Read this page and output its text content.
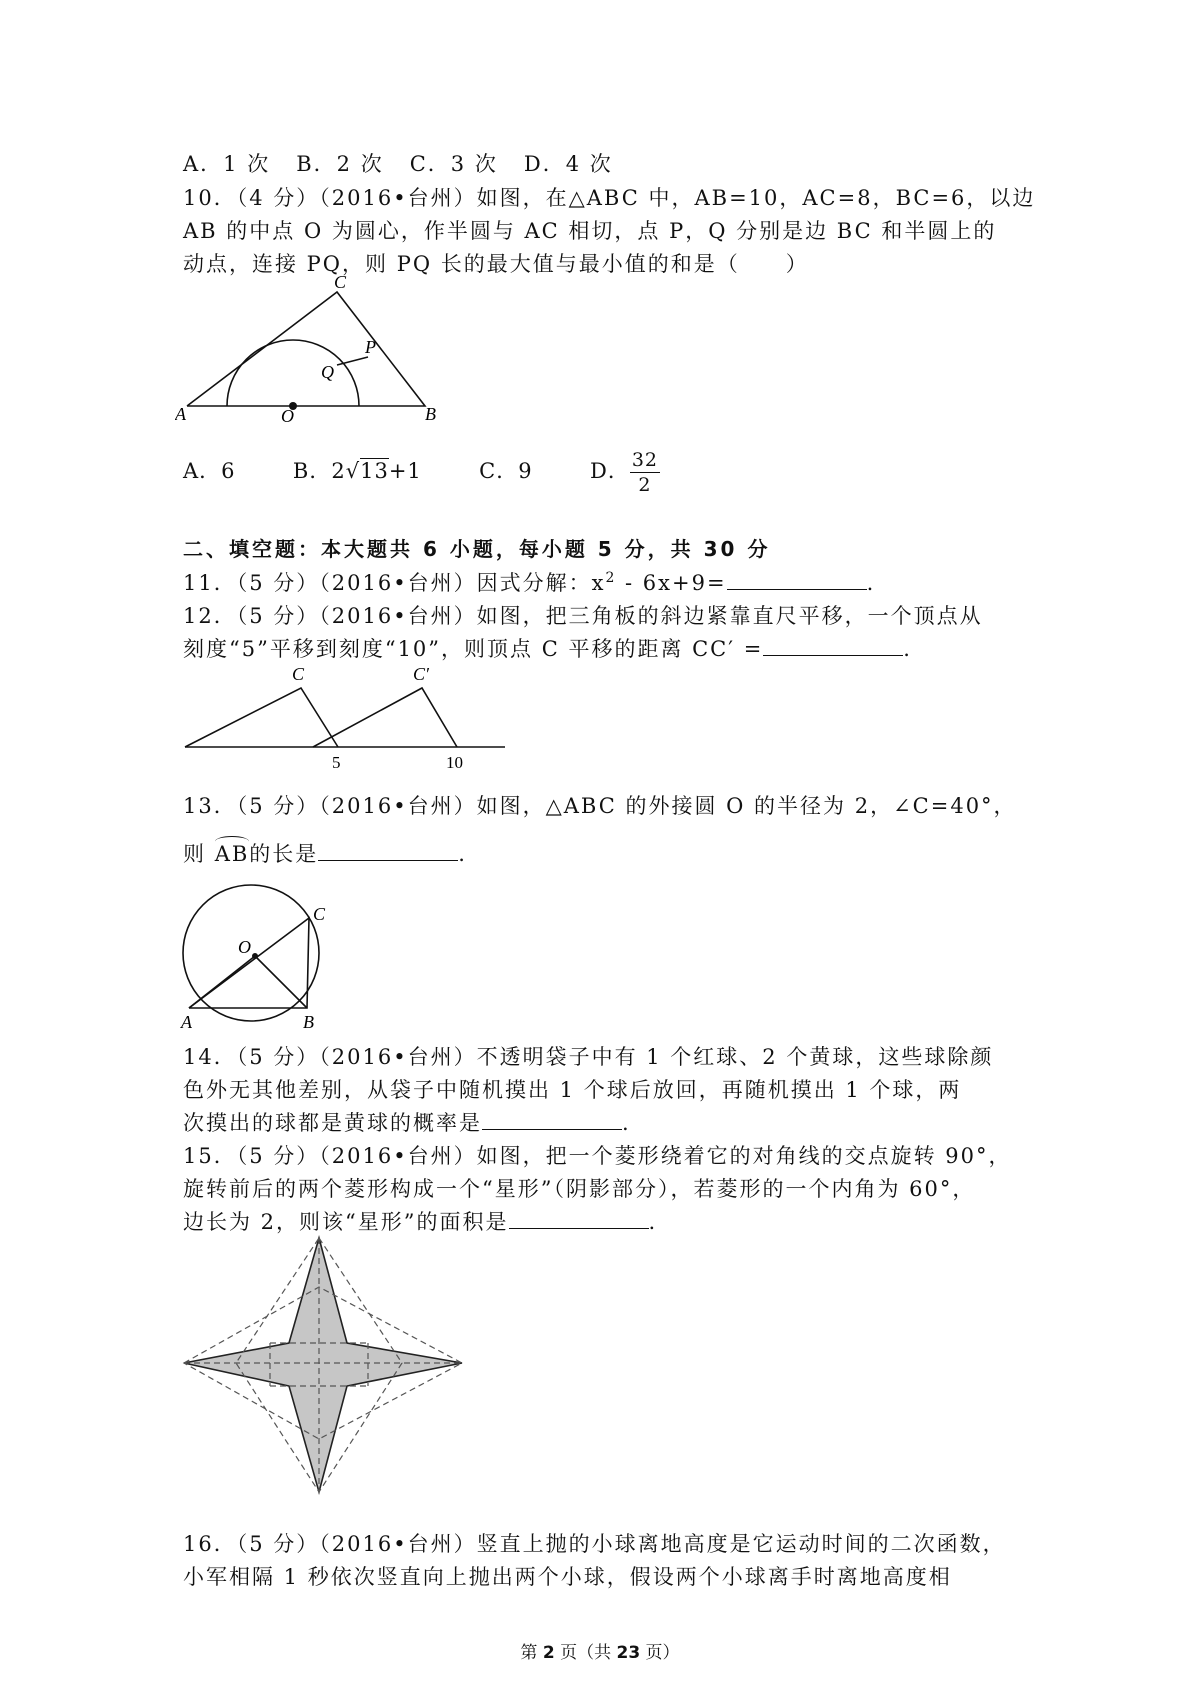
A．1 次 B．2 次 C．3 次 D．4 次
10．（4 分）（2016•台州）如图，在△ABC 中，AB=10，AC=8，BC=6，以边
AB 的中点 O 为圆心，作半圆与 AC 相切，点 P，Q 分别是边 BC 和半圆上的
动点，连接 PQ，则 PQ 长的最大值与最小值的和是（　　）
C
P
Q
A	O	B
A．6	B．2√13+1	C．9	D． $\frac{32}{2}$
二、填空题：本大题共 6 小题，每小题 5 分，共 30 分
11．（5 分）（2016•台州）因式分解：$x^2 - 6x+9=$	.
12．（5 分）（2016•台州）如图，把三角板的斜边紧靠直尺平移，一个顶点从
刻度“5”平移到刻度“10”，则顶点 C 平移的距离 CC′ =	.
C	C′
5	10
13．（5 分）（2016•台州）如图，△ABC 的外接圆 O 的半径为 2，∠C=40°，
则 AB的长是	.
C
O
A	B
14．（5 分）（2016•台州）不透明袋子中有 1 个红球、2 个黄球，这些球除颜
色外无其他差别，从袋子中随机摸出 1 个球后放回，再随机摸出 1 个球，两
次摸出的球都是黄球的概率是	.
15．（5 分）（2016•台州）如图，把一个菱形绕着它的对角线的交点旋转 90°，
旋转前后的两个菱形构成一个“星形”（阴影部分），若菱形的一个内角为 60°，
边长为 2，则该“星形”的面积是	.
16．（5 分）（2016•台州）竖直上抛的小球离地高度是它运动时间的二次函数，
小军相隔 1 秒依次竖直向上抛出两个小球，假设两个小球离手时离地高度相
第 2 页（共 23 页）
